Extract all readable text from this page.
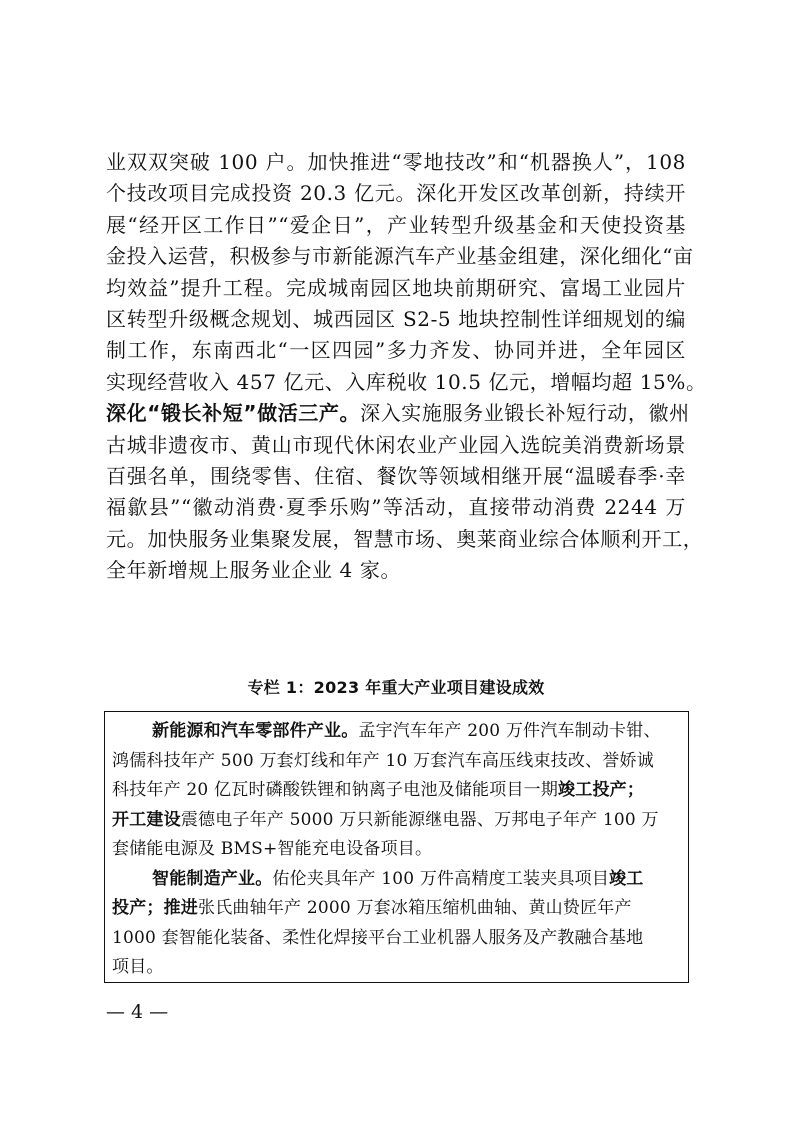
业双双突破 100 户。加快推进“零地技改”和“机器换人”，108
个技改项目完成投资 20.3 亿元。深化开发区改革创新，持续开
展“经开区工作日”“爱企日”，产业转型升级基金和天使投资基
金投入运营，积极参与市新能源汽车产业基金组建，深化细化“亩
均效益”提升工程。完成城南园区地块前期研究、富堨工业园片
区转型升级概念规划、城西园区 S2-5 地块控制性详细规划的编
制工作，东南西北“一区四园”多力齐发、协同并进，全年园区
实现经营收入 457 亿元、入库税收 10.5 亿元，增幅均超 15%。
深化“锻长补短”做活三产。深入实施服务业锻长补短行动，徽州
古城非遗夜市、黄山市现代休闲农业产业园入选皖美消费新场景
百强名单，围绕零售、住宿、餐饮等领域相继开展“温暖春季·幸
福歙县”“徽动消费·夏季乐购”等活动，直接带动消费 2244 万
元。加快服务业集聚发展，智慧市场、奥莱商业综合体顺利开工，
全年新增规上服务业企业 4 家。
专栏 1：2023 年重大产业项目建设成效
新能源和汽车零部件产业。孟宇汽车年产 200 万件汽车制动卡钳、
鸿儒科技年产 500 万套灯线和年产 10 万套汽车高压线束技改、誉娇诚
科技年产 20 亿瓦时磷酸铁锂和钠离子电池及储能项目一期竣工投产；
开工建设震德电子年产 5000 万只新能源继电器、万邦电子年产 100 万
套储能电源及 BMS+智能充电设备项目。
智能制造产业。佑伦夹具年产 100 万件高精度工装夹具项目竣工
投产；推进张氏曲轴年产 2000 万套冰箱压缩机曲轴、黄山贽匠年产
1000 套智能化装备、柔性化焊接平台工业机器人服务及产教融合基地
项目。
— 4 —
